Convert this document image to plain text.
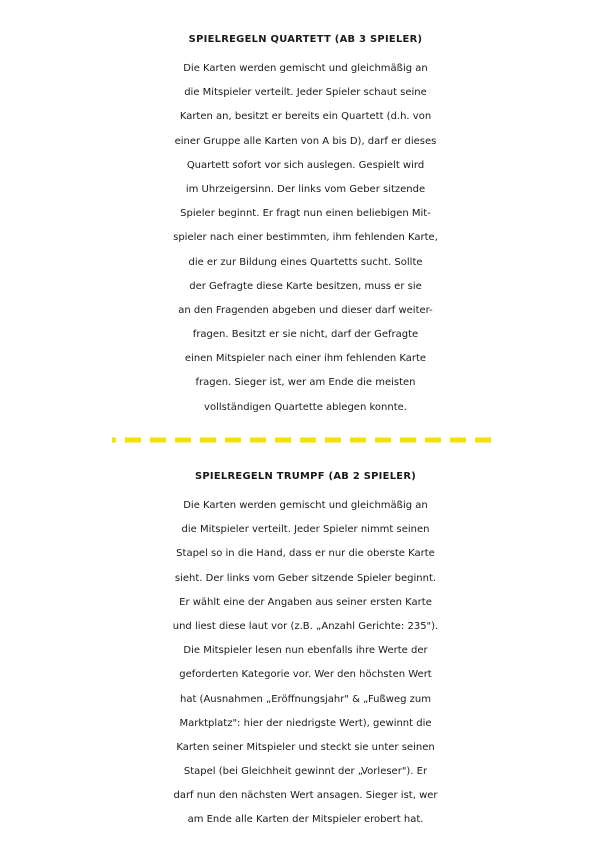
SPIELREGELN QUARTETT (AB 3 SPIELER)
Die Karten werden gemischt und gleichmäßig an
die Mitspieler verteilt. Jeder Spieler schaut seine
Karten an, besitzt er bereits ein Quartett (d.h. von
einer Gruppe alle Karten von A bis D), darf er dieses
Quartett sofort vor sich auslegen. Gespielt wird
im Uhrzeigersinn. Der links vom Geber sitzende
Spieler beginnt. Er fragt nun einen beliebigen Mit-
spieler nach einer bestimmten, ihm fehlenden Karte,
die er zur Bildung eines Quartetts sucht. Sollte
der Gefragte diese Karte besitzen, muss er sie
an den Fragenden abgeben und dieser darf weiter-
fragen. Besitzt er sie nicht, darf der Gefragte
einen Mitspieler nach einer ihm fehlenden Karte
fragen. Sieger ist, wer am Ende die meisten
vollständigen Quartette ablegen konnte.
SPIELREGELN TRUMPF (AB 2 SPIELER)
Die Karten werden gemischt und gleichmäßig an
die Mitspieler verteilt. Jeder Spieler nimmt seinen
Stapel so in die Hand, dass er nur die oberste Karte
sieht. Der links vom Geber sitzende Spieler beginnt.
Er wählt eine der Angaben aus seiner ersten Karte
und liest diese laut vor (z.B. „Anzahl Gerichte: 235").
Die Mitspieler lesen nun ebenfalls ihre Werte der
geforderten Kategorie vor. Wer den höchsten Wert
hat (Ausnahmen „Eröffnungsjahr" & „Fußweg zum
Marktplatz": hier der niedrigste Wert), gewinnt die
Karten seiner Mitspieler und steckt sie unter seinen
Stapel (bei Gleichheit gewinnt der „Vorleser"). Er
darf nun den nächsten Wert ansagen. Sieger ist, wer
am Ende alle Karten der Mitspieler erobert hat.
